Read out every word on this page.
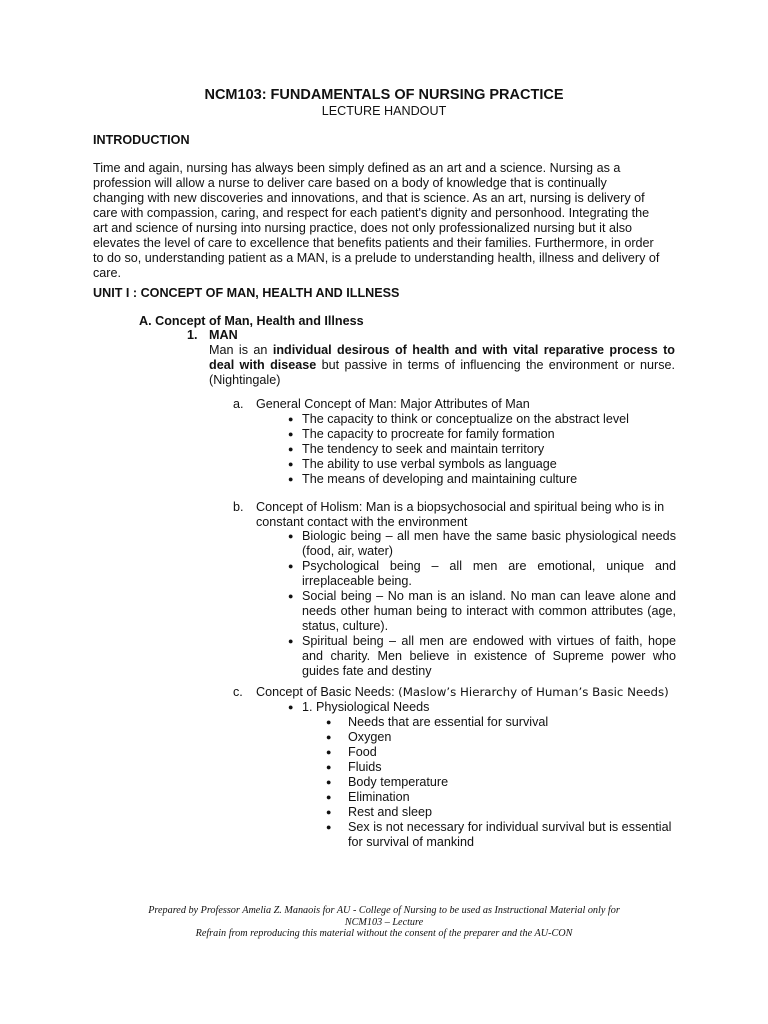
NCM103: FUNDAMENTALS OF NURSING PRACTICE
LECTURE HANDOUT
INTRODUCTION
Time and again, nursing has always been simply defined as an art and a science. Nursing as a
profession will allow a nurse to deliver care based on a body of knowledge that is continually
changing with new discoveries and innovations, and that is science. As an art, nursing is delivery of
care with compassion, caring, and respect for each patient's dignity and personhood. Integrating the
art and science of nursing into nursing practice, does not only professionalized nursing but it also
elevates the level of care to excellence that benefits patients and their families. Furthermore, in order
to do so, understanding patient as a MAN, is a prelude to understanding health, illness and delivery of
care.
UNIT I : CONCEPT OF MAN, HEALTH AND ILLNESS
A. Concept of Man, Health and Illness
1. MAN
Man is an individual desirous of health and with vital reparative process to
deal with disease but passive in terms of influencing the environment or nurse.
(Nightingale)
a. General Concept of Man: Major Attributes of Man
● The capacity to think or conceptualize on the abstract level
● The capacity to procreate for family formation
● The tendency to seek and maintain territory
● The ability to use verbal symbols as language
● The means of developing and maintaining culture
b. Concept of Holism: Man is a biopsychosocial and spiritual being who is in constant contact with the environment
● Biologic being – all men have the same basic physiological needs (food, air, water)
● Psychological being – all men are emotional, unique and irreplaceable being.
● Social being – No man is an island. No man can leave alone and needs other human being to interact with common attributes (age, status, culture).
● Spiritual being – all men are endowed with virtues of faith, hope and charity. Men believe in existence of Supreme power who guides fate and destiny
c. Concept of Basic Needs: (Maslow’s Hierarchy of Human’s Basic Needs)
● 1. Physiological Needs
● Needs that are essential for survival
● Oxygen
● Food
● Fluids
● Body temperature
● Elimination
● Rest and sleep
● Sex is not necessary for individual survival but is essential for survival of mankind
Prepared by Professor Amelia Z. Manaois for AU - College of Nursing to be used as Instructional Material only for
NCM103 – Lecture
Refrain from reproducing this material without the consent of the preparer and the AU-CON
